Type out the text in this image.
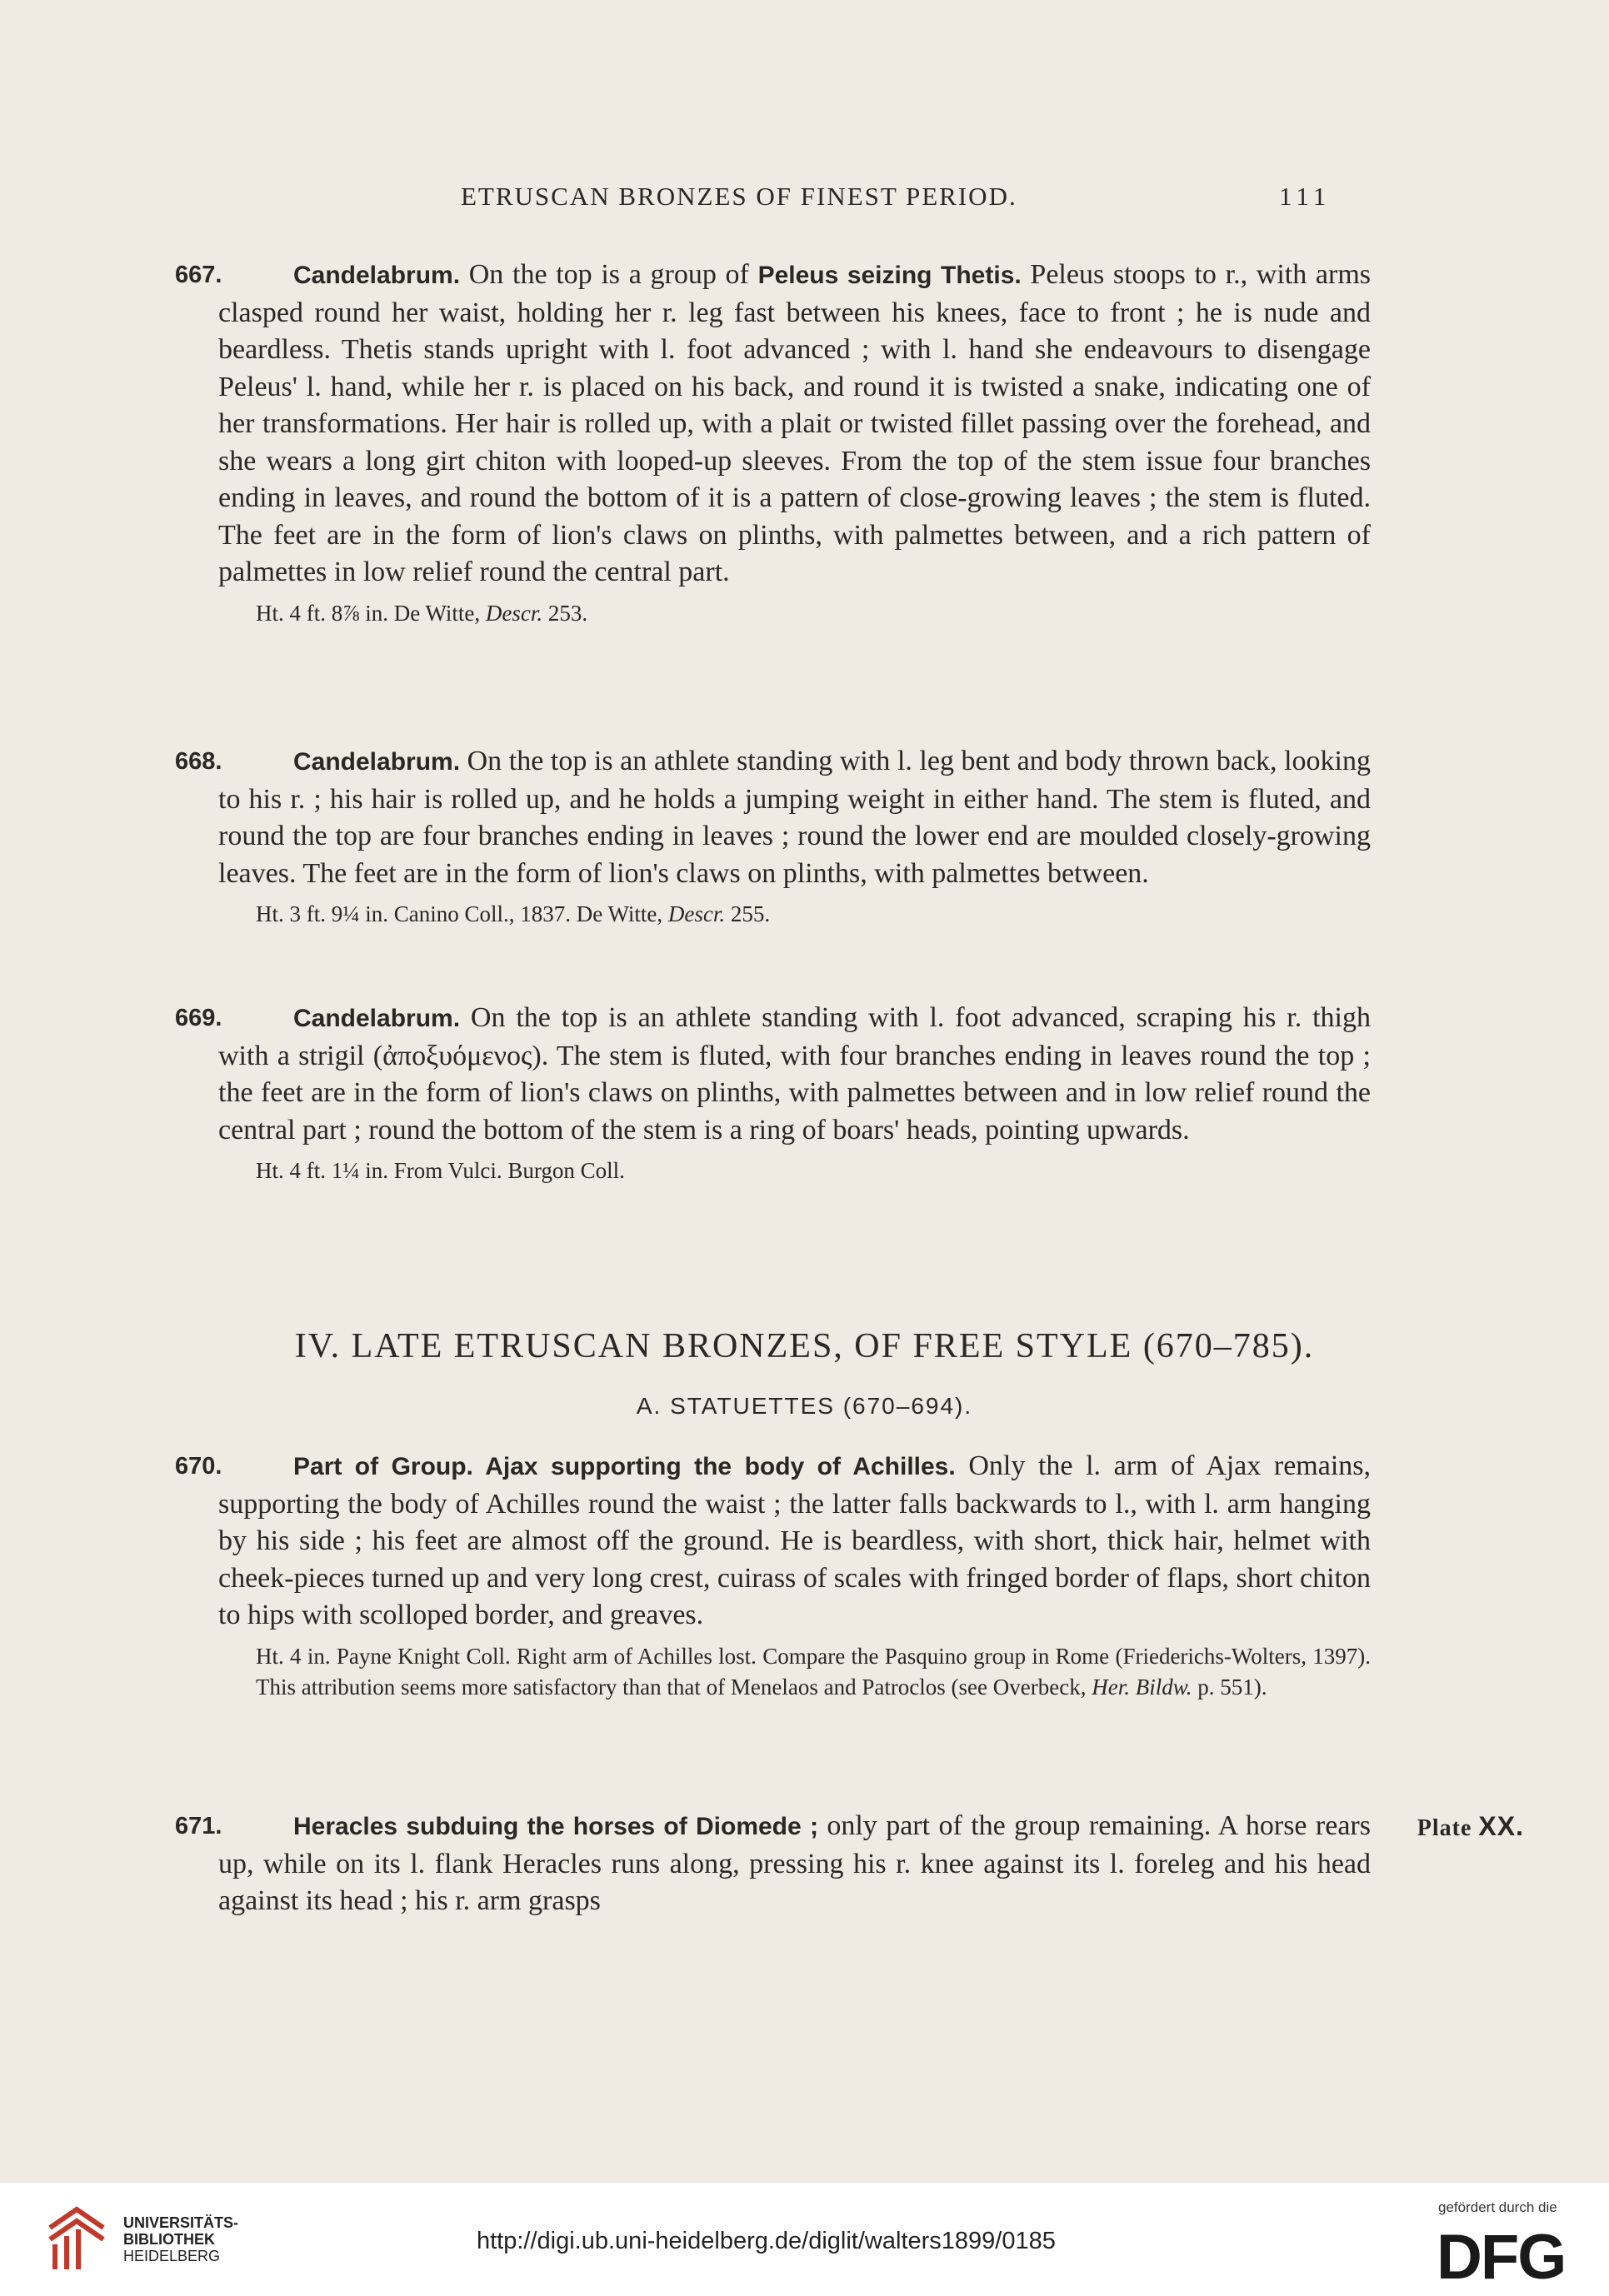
ETRUSCAN BRONZES OF FINEST PERIOD.	111
667.	Candelabrum. On the top is a group of Peleus seizing Thetis. Peleus stoops to r., with arms clasped round her waist, holding her r. leg fast between his knees, face to front ; he is nude and beardless. Thetis stands upright with l. foot advanced ; with l. hand she endeavours to disengage Peleus' l. hand, while her r. is placed on his back, and round it is twisted a snake, indicating one of her transformations. Her hair is rolled up, with a plait or twisted fillet passing over the forehead, and she wears a long girt chiton with looped-up sleeves. From the top of the stem issue four branches ending in leaves, and round the bottom of it is a pattern of close-growing leaves ; the stem is fluted. The feet are in the form of lion's claws on plinths, with palmettes between, and a rich pattern of palmettes in low relief round the central part.

Ht. 4 ft. 8⅞ in. De Witte, Descr. 253.
668.	Candelabrum. On the top is an athlete standing with l. leg bent and body thrown back, looking to his r. ; his hair is rolled up, and he holds a jumping weight in either hand. The stem is fluted, and round the top are four branches ending in leaves ; round the lower end are moulded closely-growing leaves. The feet are in the form of lion's claws on plinths, with palmettes between.

Ht. 3 ft. 9¼ in. Canino Coll., 1837. De Witte, Descr. 255.
669.	Candelabrum. On the top is an athlete standing with l. foot advanced, scraping his r. thigh with a strigil (ἀποξυόμενος). The stem is fluted, with four branches ending in leaves round the top ; the feet are in the form of lion's claws on plinths, with palmettes between and in low relief round the central part ; round the bottom of the stem is a ring of boars' heads, pointing upwards.

Ht. 4 ft. 1¼ in. From Vulci. Burgon Coll.
IV. LATE ETRUSCAN BRONZES, OF FREE STYLE (670–785).
A. STATUETTES (670–694).
670.	Part of Group. Ajax supporting the body of Achilles. Only the l. arm of Ajax remains, supporting the body of Achilles round the waist ; the latter falls backwards to l., with l. arm hanging by his side ; his feet are almost off the ground. He is beardless, with short, thick hair, helmet with cheek-pieces turned up and very long crest, cuirass of scales with fringed border of flaps, short chiton to hips with scolloped border, and greaves.

Ht. 4 in. Payne Knight Coll. Right arm of Achilles lost. Compare the Pasquino group in Rome (Friederichs-Wolters, 1397). This attribution seems more satisfactory than that of Menelaos and Patroclos (see Overbeck, Her. Bildw. p. 551).
671.	Plate XX.

Heracles subduing the horses of Diomede ; only part of the group remaining. A horse rears up, while on its l. flank Heracles runs along, pressing his r. knee against its l. foreleg and his head against its head ; his r. arm grasps

UNIVERSITÄTS-
BIBLIOTHEK
HEIDELBERG
http://digi.ub.uni-heidelberg.de/diglit/walters1899/0185
gefördert durch die
DFG
